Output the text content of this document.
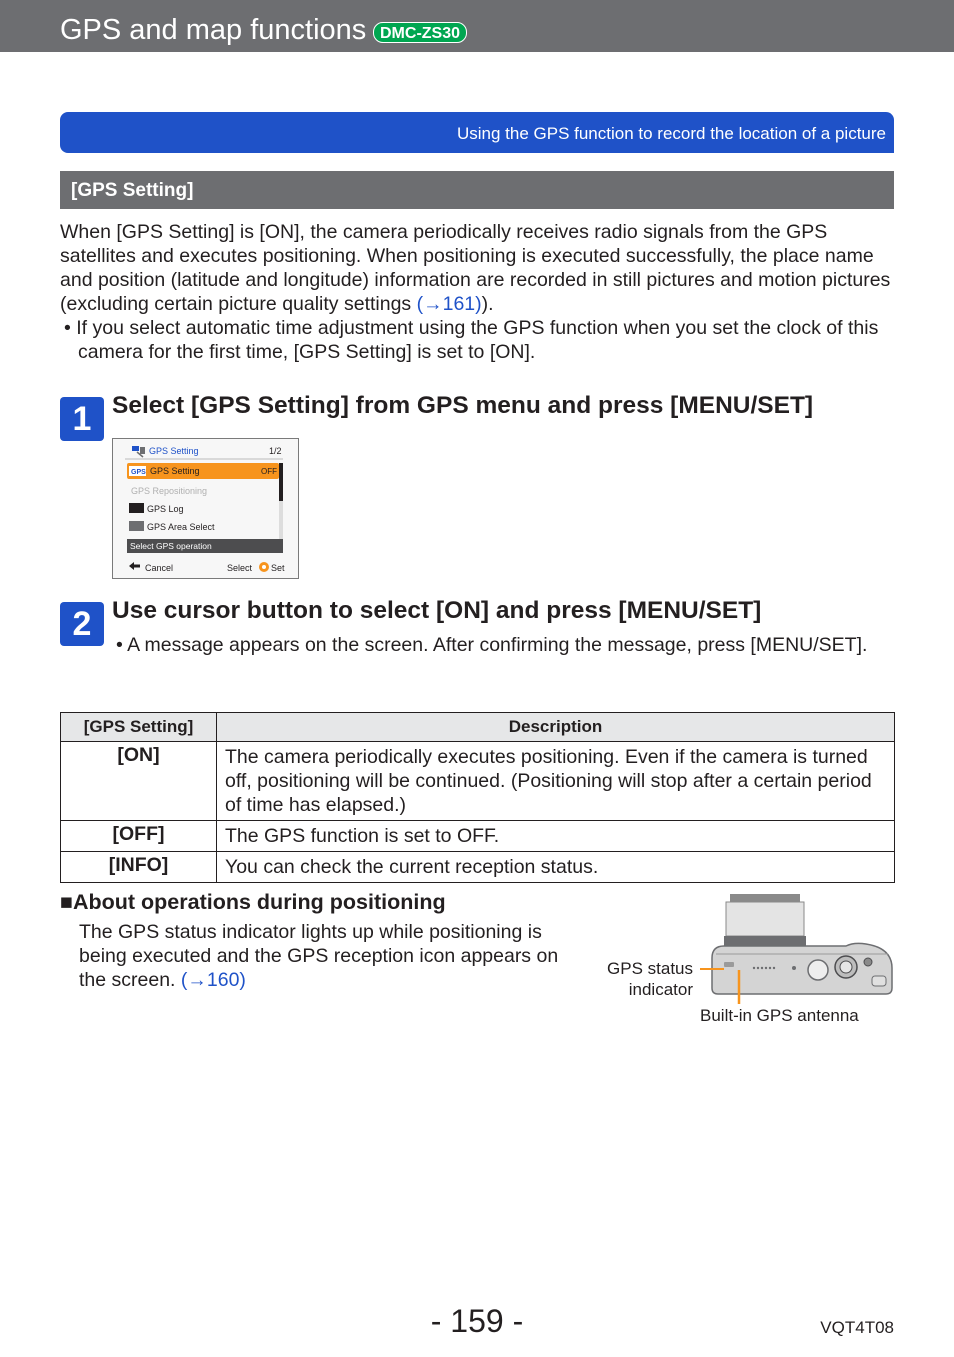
GPS and map functions DMC-ZS30
Using the GPS function to record the location of a picture
[GPS Setting]

When [GPS Setting] is [ON], the camera periodically receives radio signals from the GPS satellites and executes positioning. When positioning is executed successfully, the place name and position (latitude and longitude) information are recorded in still pictures and motion pictures (excluding certain picture quality settings (→161)).

• If you select automatic time adjustment using the GPS function when you set the clock of this camera for the first time, [GPS Setting] is set to [ON].

1 Select [GPS Setting] from GPS menu and press [MENU/SET]
GPS Setting	1/2
GPS GPS Setting	OFF
GPS Repositioning
GPS Log
GPS Area Select
Select GPS operation
Cancel	Select Set
2 Use cursor button to select [ON] and press [MENU/SET]

• A message appears on the screen. After confirming the message, press [MENU/SET].

[GPS Setting]	Description
[ON]	The camera periodically executes positioning. Even if the camera is turned off, positioning will be continued. (Positioning will stop after a certain period of time has elapsed.)
[OFF]	The GPS function is set to OFF.
[INFO]	You can check the current reception status.
■About operations during positioning

The GPS status indicator lights up while positioning is being executed and the GPS reception icon appears on the screen. (→160)

GPS status indicator
Built-in GPS antenna
- 159 -	VQT4T08
